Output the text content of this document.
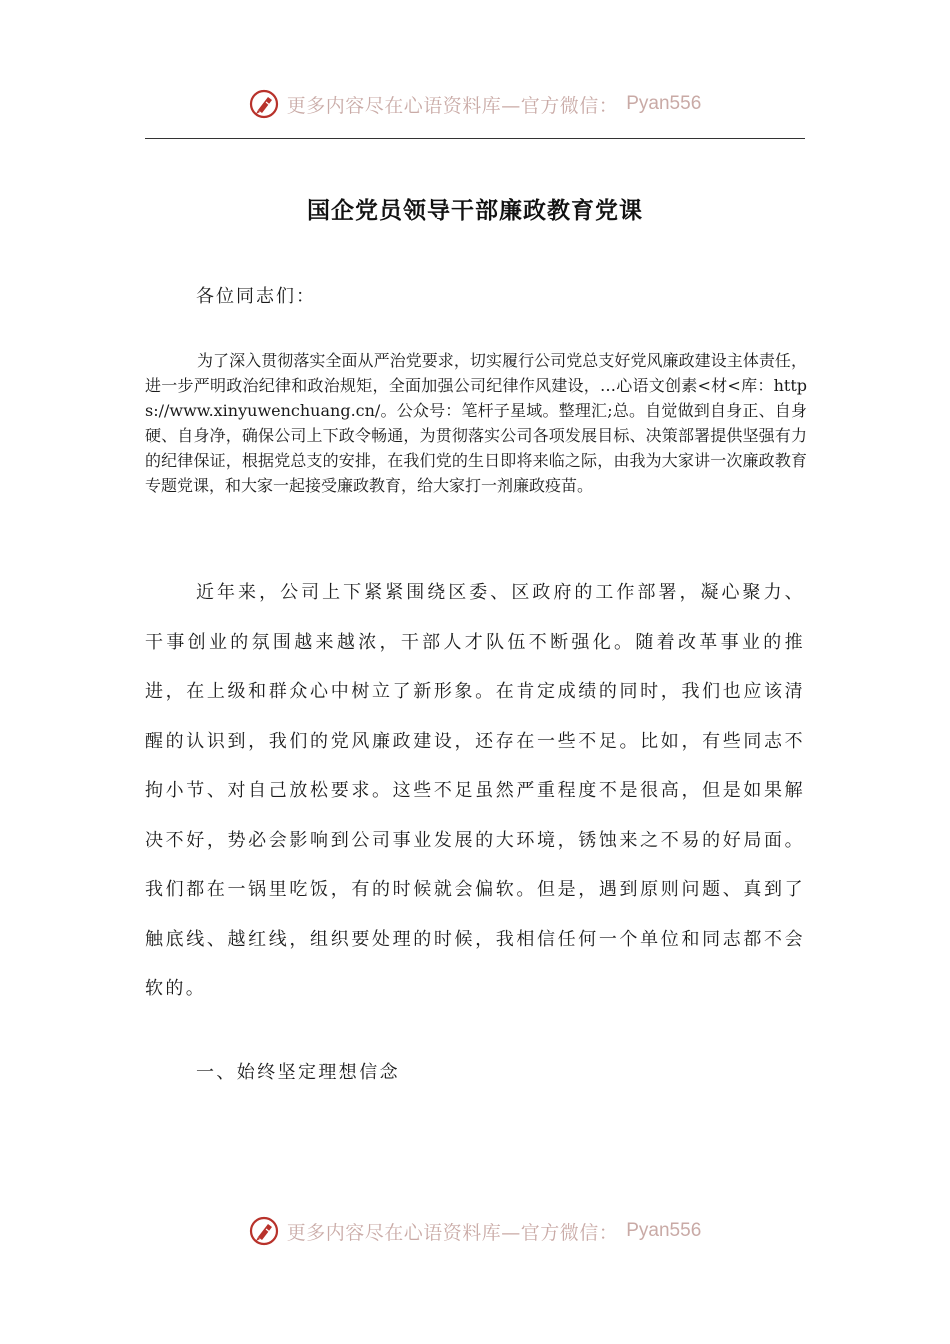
更多内容尽在心语资料库—官方微信： Pyan556
国企党员领导干部廉政教育党课
各位同志们：

为了深入贯彻落实全面从严治党要求，切实履行公司党总支好党风廉政建设主体责任，进一步严明政治纪律和政治规矩，全面加强公司纪律作风建设，…心语文创素<材<库：https://www.xinyuwenchuang.cn/。公众号：笔杆子星域。整理汇;总。自觉做到自身正、自身硬、自身净，确保公司上下政令畅通，为贯彻落实公司各项发展目标、决策部署提供坚强有力的纪律保证，根据党总支的安排，在我们党的生日即将来临之际，由我为大家讲一次廉政教育专题党课，和大家一起接受廉政教育，给大家打一剂廉政疫苗。

近年来，公司上下紧紧围绕区委、区政府的工作部署，凝心聚力、干事创业的氛围越来越浓，干部人才队伍不断强化。随着改革事业的推进，在上级和群众心中树立了新形象。在肯定成绩的同时，我们也应该清醒的认识到，我们的党风廉政建设，还存在一些不足。比如，有些同志不拘小节、对自己放松要求。这些不足虽然严重程度不是很高，但是如果解决不好，势必会影响到公司事业发展的大环境，锈蚀来之不易的好局面。我们都在一锅里吃饭，有的时候就会偏软。但是，遇到原则问题、真到了触底线、越红线，组织要处理的时候，我相信任何一个单位和同志都不会软的。

一、始终坚定理想信念
更多内容尽在心语资料库—官方微信： Pyan556
